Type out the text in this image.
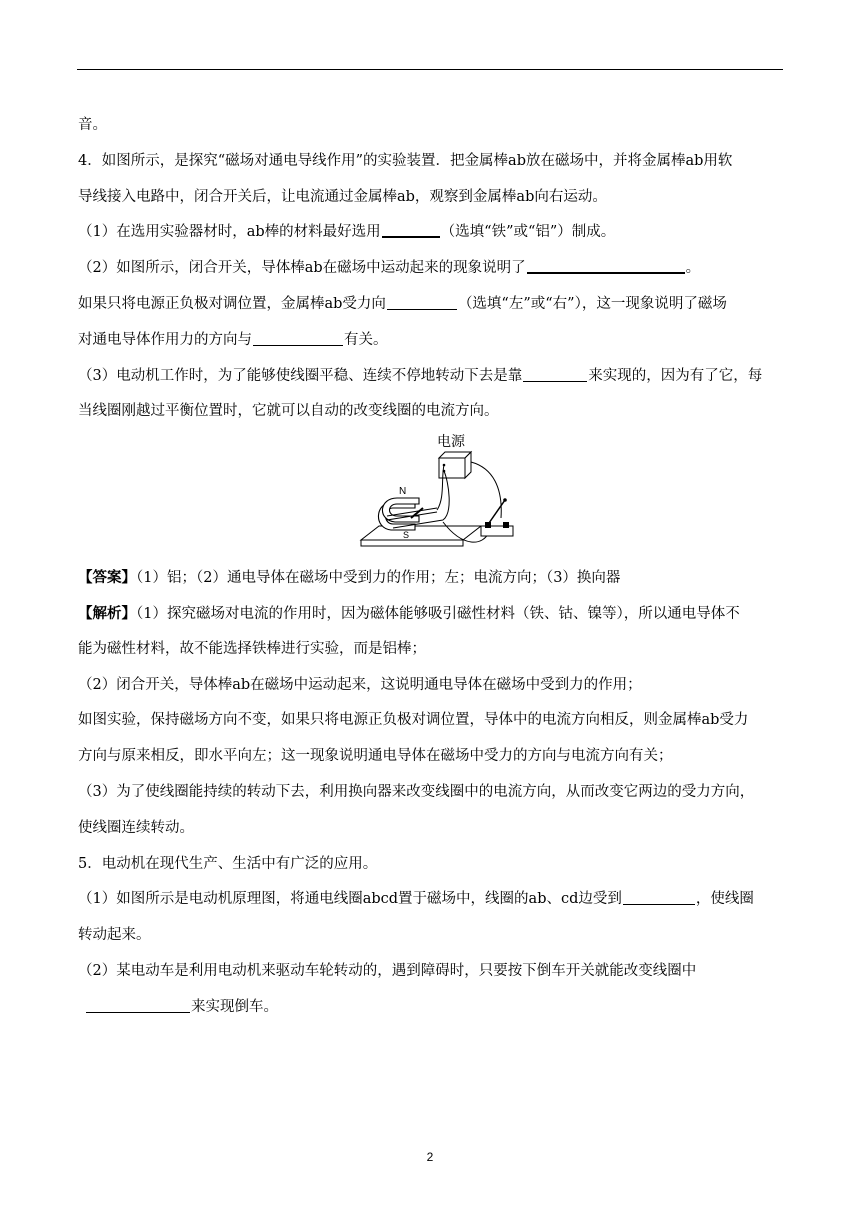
音。
4．如图所示，是探究“磁场对通电导线作用”的实验装置．把金属棒ab放在磁场中，并将金属棒ab用软
导线接入电路中，闭合开关后，让电流通过金属棒ab，观察到金属棒ab向右运动。
（1）在选用实验器材时，ab棒的材料最好选用	（选填“铁”或“铝”）制成。
（2）如图所示，闭合开关，导体棒ab在磁场中运动起来的现象说明了	。
如果只将电源正负极对调位置，金属棒ab受力向	（选填“左”或“右”），这一现象说明了磁场
对通电导体作用力的方向与	有关。
（3）电动机工作时，为了能够使线圈平稳、连续不停地转动下去是靠	来实现的，因为有了它，每
当线圈刚越过平衡位置时，它就可以自动的改变线圈的电流方向。
电源
N
S
【答案】（1）铝；（2）通电导体在磁场中受到力的作用；左；电流方向；（3）换向器
【解析】（1）探究磁场对电流的作用时，因为磁体能够吸引磁性材料（铁、钴、镍等），所以通电导体不
能为磁性材料，故不能选择铁棒进行实验，而是铝棒；
（2）闭合开关，导体棒ab在磁场中运动起来，这说明通电导体在磁场中受到力的作用；
如图实验，保持磁场方向不变，如果只将电源正负极对调位置，导体中的电流方向相反，则金属棒ab受力
方向与原来相反，即水平向左；这一现象说明通电导体在磁场中受力的方向与电流方向有关；
（3）为了使线圈能持续的转动下去，利用换向器来改变线圈中的电流方向，从而改变它两边的受力方向，
使线圈连续转动。
5．电动机在现代生产、生活中有广泛的应用。
（1）如图所示是电动机原理图，将通电线圈abcd置于磁场中，线圈的ab、cd边受到	，使线圈
转动起来。
（2）某电动车是利用电动机来驱动车轮转动的，遇到障碍时，只要按下倒车开关就能改变线圈中
来实现倒车。
2
